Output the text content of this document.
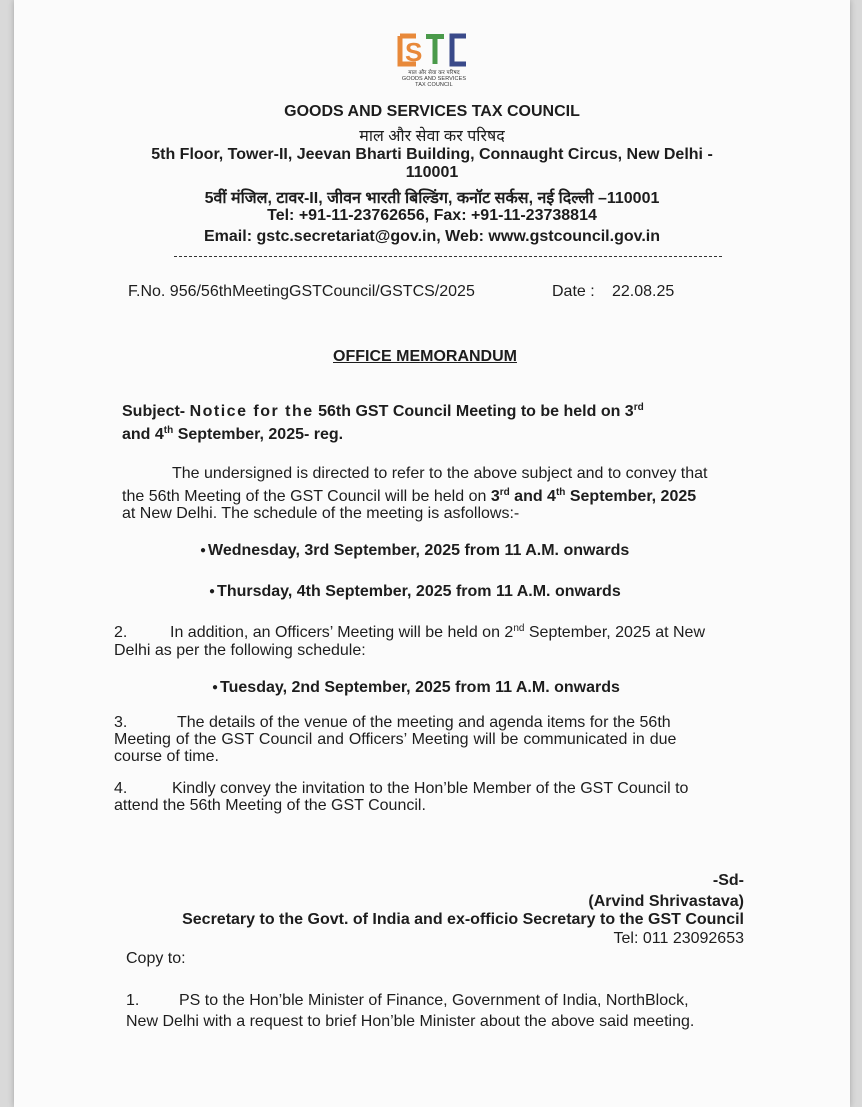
S
माल और सेवा कर परिषद
GOODS AND SERVICES
TAX COUNCIL
GOODS AND SERVICES TAX COUNCIL
माल और सेवा कर परिषद
5th Floor, Tower-II, Jeevan Bharti Building, Connaught Circus, New Delhi -
110001
5वीं मंजिल, टावर-II, जीवन भारती बिल्डिंग, कनॉट सर्कस, नई दिल्ली –110001
Tel: +91-11-23762656, Fax: +91-11-23738814
Email: gstc.secretariat@gov.in, Web: www.gstcouncil.gov.in
F.No. 956/56thMeetingGSTCouncil/GSTCS/2025	Date : 22.08.25
OFFICE MEMORANDUM
Subject- Notice for the 56th GST Council Meeting to be held on 3rd
and 4th September, 2025- reg.
The undersigned is directed to refer to the above subject and to convey that
the 56th Meeting of the GST Council will be held on 3rd and 4th September, 2025
at New Delhi. The schedule of the meeting is asfollows:-
● Wednesday, 3rd September, 2025 from 11 A.M. onwards
● Thursday, 4th September, 2025 from 11 A.M. onwards
2.	In addition, an Officers’ Meeting will be held on 2nd September, 2025 at New
Delhi as per the following schedule:
● Tuesday, 2nd September, 2025 from 11 A.M. onwards
3.	The details of the venue of the meeting and agenda items for the 56th
Meeting of the GST Council and Officers’ Meeting will be communicated in due
course of time.
4.	Kindly convey the invitation to the Hon’ble Member of the GST Council to
attend the 56th Meeting of the GST Council.
-Sd-
(Arvind Shrivastava)
Secretary to the Govt. of India and ex-officio Secretary to the GST Council
Tel: 011 23092653
Copy to:
1. PS to the Hon’ble Minister of Finance, Government of India, NorthBlock,
New Delhi with a request to brief Hon’ble Minister about the above said meeting.
